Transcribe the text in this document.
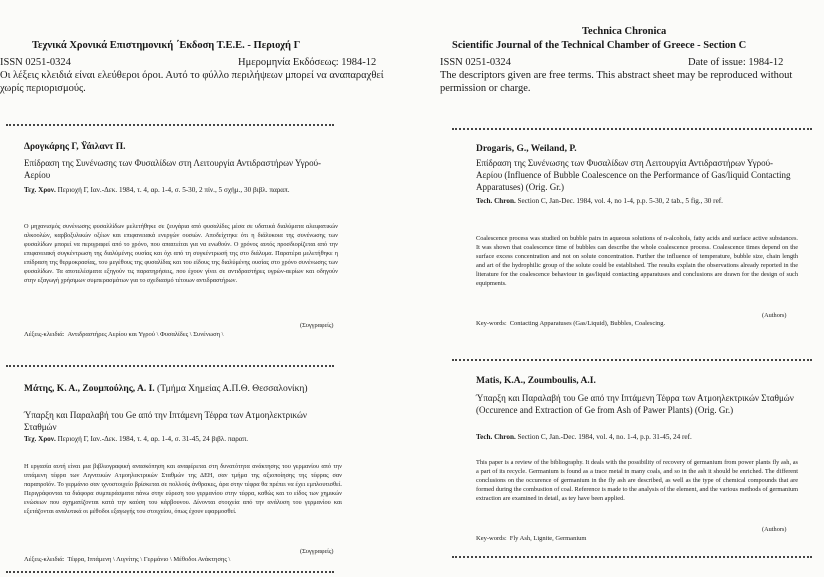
Τεχνικά Χρονικά Επιστημονική ΄Εκδοση Τ.Ε.Ε. - Περιοχή Γ
ISSN 0251-0324	Ημερομηνία Εκδόσεως: 1984-12
Οι λέξεις κλειδιά είναι ελεύθεροι όροι. Αυτό το φύλλο περιλήψεων μπορεί να αναπαραχθεί χωρίς περιορισμούς.
Δρογκάρης Γ, Ϋάιλαντ Π.
Επίδραση της Συνένωσης των Φυσαλίδων στη Λειτουργία Αντιδραστήρων Υγρού-Αερίου
Τεχ. Χρον. Περιοχή Γ, Ιαν.-Δεκ. 1984, τ. 4, αρ. 1-4, σ. 5-30, 2 πίν., 5 σχήμ., 30 βιβλ. παραπ.
Ο μηχανισμός συνένωσης φυσαλλίδων μελετήθηκε σε ζευγάρια από φυσαλίδες μέσα σε υδατικά διαλύματα αλειφατικών αλκοολών, καρβοξυλικών οξέων και επιφανειακά ενεργών ουσιών. Αποδείχτηκε ότι η διάλυκοια της συνένωσης των φυσαλίδων μπορεί να περιγραφεί από το χρόνο, που απαιτείται για να ενωθούν. Ο χρόνος αυτός προσδιορίζεται από την επιφανειακή συγκέντρωση της διαλύμένης ουσίας και όχι από τη συγκέντρωσή της στο διάλυμα. Παρατέρα μελετήθηκε η επίδραση της θερμοκρασίας, του μεγέθους της φυσαλίδας και του είδους της διαλύμένης ουσίας στο χρόνο συνένωσης των φυσαλίδων. Τα αποτελέσματα εξηγούν τις παρατηρήσεις, που έχουν γίνει σε αντιδραστήρες υγρών-αερίων και οδηγούν στην εξαγωγή χρήσιμων συμπερασμάτων για το σχεδιασμό τέτοιων αντιδραστήρων.
(Συγγραφείς)
Λέξεις-κλειδιά: Αντιδραστήρες Αερίου και Υγρού \ Φυσαλίδες \ Συνένωση \
Μάτης, Κ. Α., Ζουμπούλης, Α. Ι. (Τμήμα Χημείας Α.Π.Θ. Θεσσαλονίκη)
Ύπαρξη και Παραλαβή του Ge από την Ιπτάμενη Τέφρα των Ατμοηλεκτρικών Σταθμών
Τεχ. Χρον. Περιοχή Γ, Ιαν.-Δεκ. 1984, τ. 4, αρ. 1-4, σ. 31-45, 24 βιβλ. παραπ.
Η εργασία αυτή είναι μια βιβλιογραφική ανασκόπηση και αναφέρεται στη δυνατότητα ανάκτησης του γερμανίου από την ιπτάμενη τέφρα των Λιγνιτικών Ατμοηλεκτρικών Σταθμών της ΔΕΗ, σαν τμήμα της αξιοποίησης της τέφρας σαν παραπροϊόν. Το γερμάνιο σαν ιχνοστοιχείο βρίσκεται σε πολλούς άνθρακες, άρα στην τέφρα θα πρέπει να έχει εμπλουτισθεί. Περιγράφονται τα διάφορα συμπεράσματα πάνω στην εύρεση του γερμανίου στην τέφρα, καθώς και το είδος των χημικών ενώσεων που σχηματίζονται κατά την καύση του κάρβουνου. Δίνονται στοιχεία από την ανάλυση του γερμανίου και εξετάζονται αναλυτικά οι μέθοδοι εξαγωγής του στοιχείου, όπως έχουν εφαρμοσθεί.
(Συγγραφείς)
Λέξεις-κλειδιά: Τέφρα, Ιπτάμενη \ Λιγνίτης \ Γερμάνιο \ Μέθοδοι Ανάκτησης \
Technica Chronica
Scientific Journal of the Technical Chamber of Greece - Section C
ISSN 0251-0324	Date of issue: 1984-12
The descriptors given are free terms. This abstract sheet may be reproduced without permission or charge.
Drogaris, G., Weiland, P.
Επίδραση της Συνένωσης των Φυσαλίδων στη Λειτουργία Αντιδραστήρων Υγρού-Αερίου (Influence of Bubble Coalescence on the Performance of Gas/liquid Contacting Apparatuses) (Orig. Gr.)
Tech. Chron. Section C, Jan-Dec. 1984, vol. 4, no 1-4, p.p. 5-30, 2 tab., 5 fig., 30 ref.
Coalescence process was studied on bubble pairs in aqueous solutions of n-alcohols, fatty acids and surface active substances. It was shown that coalescence time of bubbles can describe the whole coalescence process. Coalescence times depend on the surface excess concentration and not on solute concentration. Further the influence of temperature, bubble size, chain length and art of the hydrophilic group of the solute could be established. The results explain the observations already reported in the literature for the coalescence behaviour in gas/liquid contacting apparatuses and conclusions are drawn for the design of such equipments.
(Authors)
Key-words: Contacting Apparatuses (Gas/Liquid), Bubbles, Coalescing.
Matis, K.A., Zoumboulis, A.I.
Ύπαρξη και Παραλαβή του Ge από την Ιπτάμενη Τέφρα των Ατμοηλεκτρικών Σταθμών (Occurence and Extraction of Ge from Ash of Pawer Plants) (Orig. Gr.)
Tech. Chron. Section C, Jan.-Dec. 1984, vol. 4, no. 1-4, p.p. 31-45, 24 ref.
This paper is a review of the bibliography. It deals with the possibility of recovery of germanium from power plants fly ash, as a part of its recycle. Germanium is found as a trace metal in many coals, and so in the ash it should be enriched. The different conclusions on the occurence of germanium in the fly ash are described, as well as the type of chemical compounds that are formed during the combustion of coal. Reference is made to the analysis of the element, and the various methods of germanium extraction are examined in detail, as tey have been applied.
(Authors)
Key-words: Fly Ash, Lignite, Germanium
